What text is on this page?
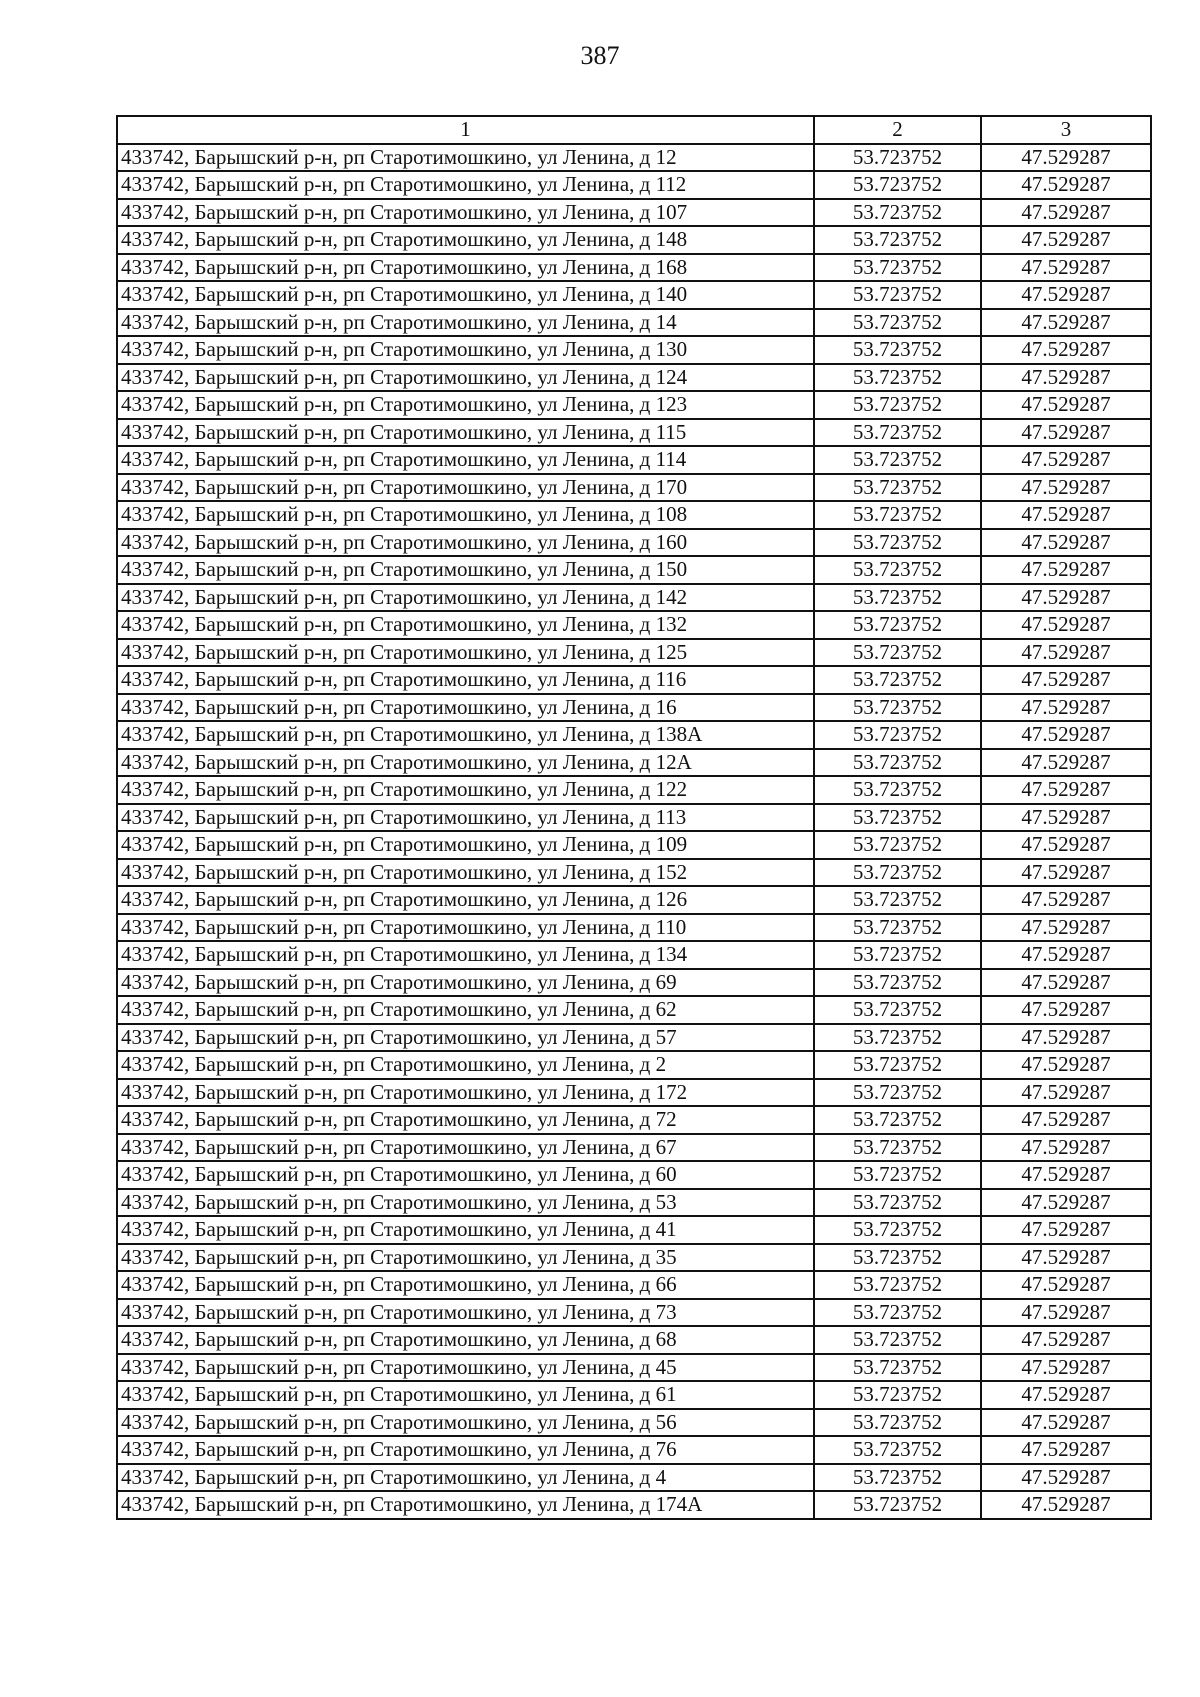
387
1	2	3
433742, Барышский р-н, рп Старотимошкино, ул Ленина, д 12	53.723752	47.529287
433742, Барышский р-н, рп Старотимошкино, ул Ленина, д 112	53.723752	47.529287
433742, Барышский р-н, рп Старотимошкино, ул Ленина, д 107	53.723752	47.529287
433742, Барышский р-н, рп Старотимошкино, ул Ленина, д 148	53.723752	47.529287
433742, Барышский р-н, рп Старотимошкино, ул Ленина, д 168	53.723752	47.529287
433742, Барышский р-н, рп Старотимошкино, ул Ленина, д 140	53.723752	47.529287
433742, Барышский р-н, рп Старотимошкино, ул Ленина, д 14	53.723752	47.529287
433742, Барышский р-н, рп Старотимошкино, ул Ленина, д 130	53.723752	47.529287
433742, Барышский р-н, рп Старотимошкино, ул Ленина, д 124	53.723752	47.529287
433742, Барышский р-н, рп Старотимошкино, ул Ленина, д 123	53.723752	47.529287
433742, Барышский р-н, рп Старотимошкино, ул Ленина, д 115	53.723752	47.529287
433742, Барышский р-н, рп Старотимошкино, ул Ленина, д 114	53.723752	47.529287
433742, Барышский р-н, рп Старотимошкино, ул Ленина, д 170	53.723752	47.529287
433742, Барышский р-н, рп Старотимошкино, ул Ленина, д 108	53.723752	47.529287
433742, Барышский р-н, рп Старотимошкино, ул Ленина, д 160	53.723752	47.529287
433742, Барышский р-н, рп Старотимошкино, ул Ленина, д 150	53.723752	47.529287
433742, Барышский р-н, рп Старотимошкино, ул Ленина, д 142	53.723752	47.529287
433742, Барышский р-н, рп Старотимошкино, ул Ленина, д 132	53.723752	47.529287
433742, Барышский р-н, рп Старотимошкино, ул Ленина, д 125	53.723752	47.529287
433742, Барышский р-н, рп Старотимошкино, ул Ленина, д 116	53.723752	47.529287
433742, Барышский р-н, рп Старотимошкино, ул Ленина, д 16	53.723752	47.529287
433742, Барышский р-н, рп Старотимошкино, ул Ленина, д 138А	53.723752	47.529287
433742, Барышский р-н, рп Старотимошкино, ул Ленина, д 12А	53.723752	47.529287
433742, Барышский р-н, рп Старотимошкино, ул Ленина, д 122	53.723752	47.529287
433742, Барышский р-н, рп Старотимошкино, ул Ленина, д 113	53.723752	47.529287
433742, Барышский р-н, рп Старотимошкино, ул Ленина, д 109	53.723752	47.529287
433742, Барышский р-н, рп Старотимошкино, ул Ленина, д 152	53.723752	47.529287
433742, Барышский р-н, рп Старотимошкино, ул Ленина, д 126	53.723752	47.529287
433742, Барышский р-н, рп Старотимошкино, ул Ленина, д 110	53.723752	47.529287
433742, Барышский р-н, рп Старотимошкино, ул Ленина, д 134	53.723752	47.529287
433742, Барышский р-н, рп Старотимошкино, ул Ленина, д 69	53.723752	47.529287
433742, Барышский р-н, рп Старотимошкино, ул Ленина, д 62	53.723752	47.529287
433742, Барышский р-н, рп Старотимошкино, ул Ленина, д 57	53.723752	47.529287
433742, Барышский р-н, рп Старотимошкино, ул Ленина, д 2	53.723752	47.529287
433742, Барышский р-н, рп Старотимошкино, ул Ленина, д 172	53.723752	47.529287
433742, Барышский р-н, рп Старотимошкино, ул Ленина, д 72	53.723752	47.529287
433742, Барышский р-н, рп Старотимошкино, ул Ленина, д 67	53.723752	47.529287
433742, Барышский р-н, рп Старотимошкино, ул Ленина, д 60	53.723752	47.529287
433742, Барышский р-н, рп Старотимошкино, ул Ленина, д 53	53.723752	47.529287
433742, Барышский р-н, рп Старотимошкино, ул Ленина, д 41	53.723752	47.529287
433742, Барышский р-н, рп Старотимошкино, ул Ленина, д 35	53.723752	47.529287
433742, Барышский р-н, рп Старотимошкино, ул Ленина, д 66	53.723752	47.529287
433742, Барышский р-н, рп Старотимошкино, ул Ленина, д 73	53.723752	47.529287
433742, Барышский р-н, рп Старотимошкино, ул Ленина, д 68	53.723752	47.529287
433742, Барышский р-н, рп Старотимошкино, ул Ленина, д 45	53.723752	47.529287
433742, Барышский р-н, рп Старотимошкино, ул Ленина, д 61	53.723752	47.529287
433742, Барышский р-н, рп Старотимошкино, ул Ленина, д 56	53.723752	47.529287
433742, Барышский р-н, рп Старотимошкино, ул Ленина, д 76	53.723752	47.529287
433742, Барышский р-н, рп Старотимошкино, ул Ленина, д 4	53.723752	47.529287
433742, Барышский р-н, рп Старотимошкино, ул Ленина, д 174А	53.723752	47.529287
